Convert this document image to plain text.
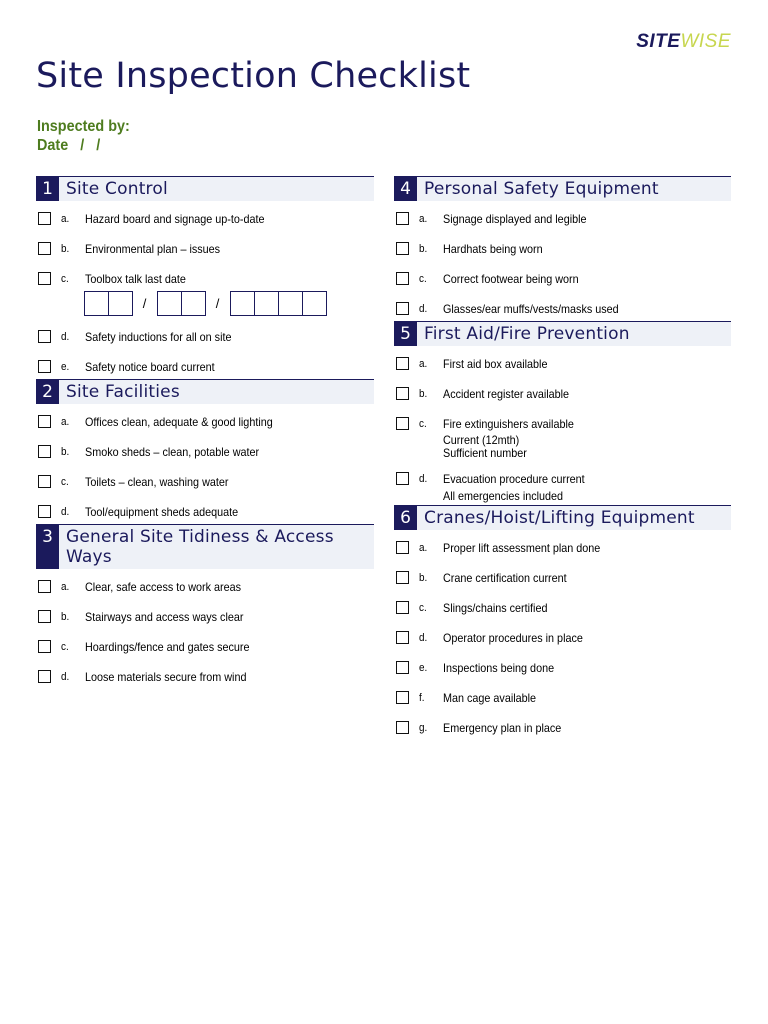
SITEWISE
Site Inspection Checklist
Inspected by:
Date   /   /
1 Site Control
a.	Hazard board and signage up-to-date
b.	Environmental plan – issues
c.	Toolbox talk last date
/	/
d.	Safety inductions for all on site
e.	Safety notice board current
2 Site Facilities
a.	Offices clean, adequate & good lighting
b.	Smoko sheds – clean, potable water
c.	Toilets – clean, washing water
d.	Tool/equipment sheds adequate
3 General Site Tidiness & Access Ways
a.	Clear, safe access to work areas
b.	Stairways and access ways clear
c.	Hoardings/fence and gates secure
d.	Loose materials secure from wind
4 Personal Safety Equipment
a.	Signage displayed and legible
b.	Hardhats being worn
c.	Correct footwear being worn
d.	Glasses/ear muffs/vests/masks used
5 First Aid/Fire Prevention
a.	First aid box available
b.	Accident register available
c.	Fire extinguishers available
Current (12mth)
Sufficient number
d.	Evacuation procedure current
All emergencies included
6 Cranes/Hoist/Lifting Equipment
a.	Proper lift assessment plan done
b.	Crane certification current
c.	Slings/chains certified
d.	Operator procedures in place
e.	Inspections being done
f.	Man cage available
g.	Emergency plan in place
